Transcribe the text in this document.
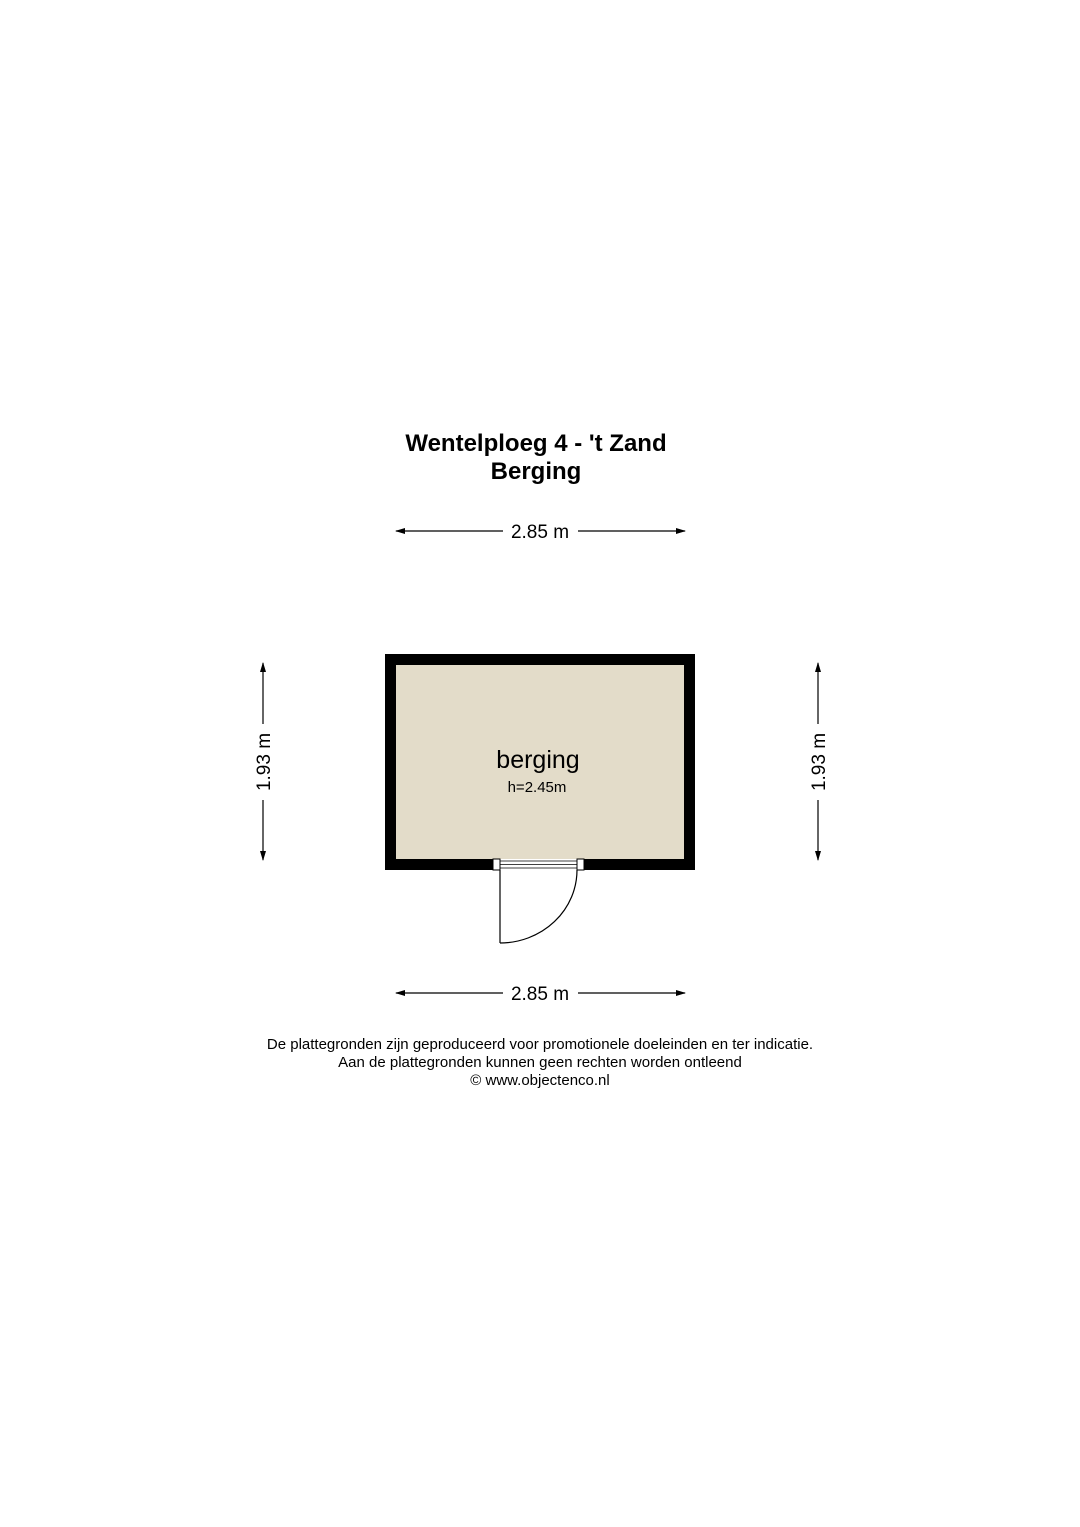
Wentelploeg 4 - 't Zand
Berging
2.85 m
1.93 m	1.93 m
berging
h=2.45m
2.85 m
De plattegronden zijn geproduceerd voor promotionele doeleinden en ter indicatie.
Aan de plattegronden kunnen geen rechten worden ontleend
© www.objectenco.nl
